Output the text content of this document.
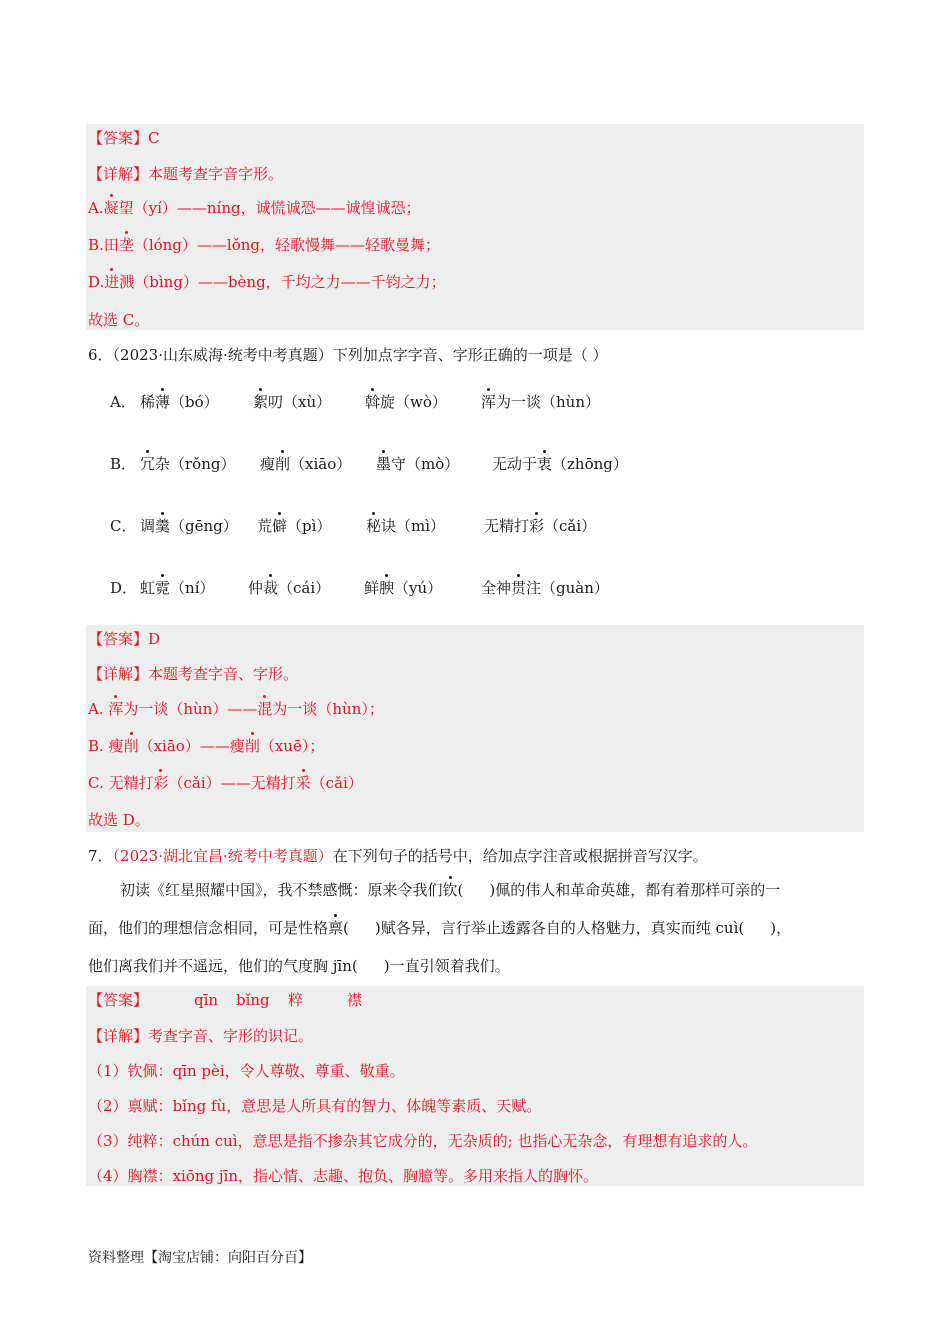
【答案】C
【详解】本题考查字音字形。
A.凝望（yí）——níng，诚慌诚恐——诚惶诚恐；
B.田垄（lóng）——lǒng，轻歌慢舞——轻歌曼舞；
D.迸溅（bìng）——bèng，千均之力——千钧之力；
故选 C。
6．（2023·山东威海·统考中考真题）下列加点字字音、字形正确的一项是（ ）
A． 稀薄（bó） 絮叨（xù） 斡旋（wò） 浑为一谈（hùn）
B． 冗杂（rǒng） 瘦削（xiāo） 墨守（mò） 无动于衷（zhōng）
C． 调羹（gēng） 荒僻（pì） 秘诀（mì）	无精打彩（cǎi）
D． 虹霓（ní） 仲裁（cái） 鲜腴（yú）	全神贯注（guàn）
【答案】D
【详解】本题考查字音、字形。
A. 浑为一谈（hùn）——混为一谈（hùn）；
B. 瘦削（xiāo）——瘦削（xuē）；
C. 无精打彩（cǎi）——无精打采（cǎi）
故选 D。
7．（2023·湖北宜昌·统考中考真题）在下列句子的括号中，给加点字注音或根据拼音写汉字。
初读《红星照耀中国》，我不禁感慨：原来令我们钦( )佩的伟人和革命英雄，都有着那样可亲的一
面，他们的理想信念相同，可是性格禀( )赋各异，言行举止透露各自的人格魅力，真实而纯 cuì( )，
他们离我们并不遥远，他们的气度胸 jīn( )一直引领着我们。
【答案】	qīn bǐng 粹	襟
【详解】考查字音、字形的识记。
（1）钦佩：qīn pèi，令人尊敬、尊重、敬重。
（2）禀赋：bǐng fù，意思是人所具有的智力、体魄等素质、天赋。
（3）纯粹：chún cuì，意思是指不掺杂其它成分的，无杂质的; 也指心无杂念，有理想有追求的人。
（4）胸襟：xiōng jīn，指心情、志趣、抱负、胸臆等。多用来指人的胸怀。
资料整理【淘宝店铺：向阳百分百】
